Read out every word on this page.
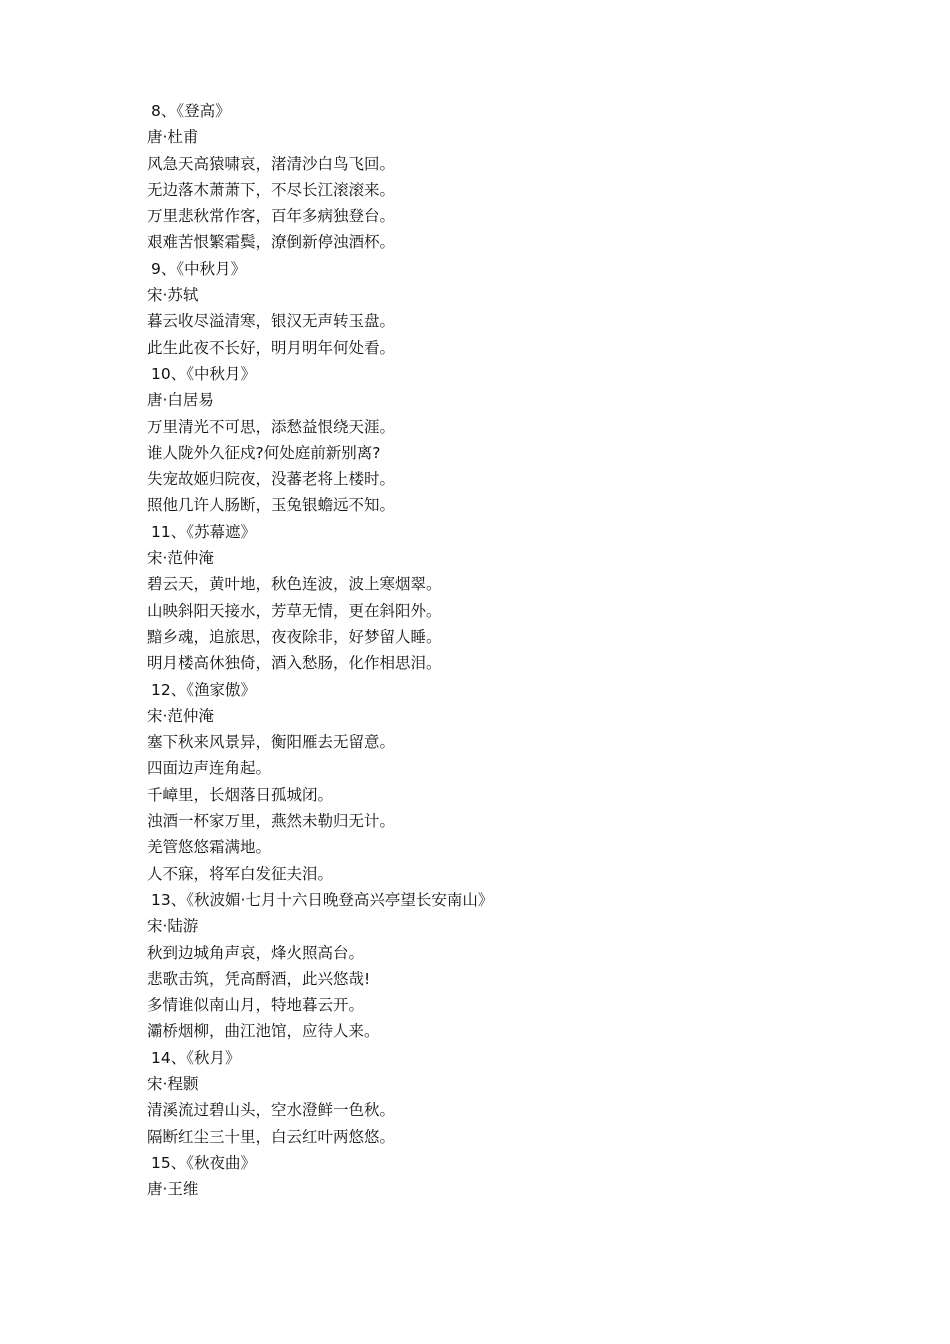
8、《登高》
唐·杜甫
风急天高猿啸哀，渚清沙白鸟飞回。
无边落木萧萧下，不尽长江滚滚来。
万里悲秋常作客，百年多病独登台。
艰难苦恨繁霜鬓，潦倒新停浊酒杯。
9、《中秋月》
宋·苏轼
暮云收尽溢清寒，银汉无声转玉盘。
此生此夜不长好，明月明年何处看。
10、《中秋月》
唐·白居易
万里清光不可思，添愁益恨绕天涯。
谁人陇外久征戍?何处庭前新别离?
失宠故姬归院夜，没蕃老将上楼时。
照他几许人肠断，玉兔银蟾远不知。
11、《苏幕遮》
宋·范仲淹
碧云天，黄叶地，秋色连波，波上寒烟翠。
山映斜阳天接水，芳草无情，更在斜阳外。
黯乡魂，追旅思，夜夜除非，好梦留人睡。
明月楼高休独倚，酒入愁肠，化作相思泪。
12、《渔家傲》
宋·范仲淹
塞下秋来风景异，衡阳雁去无留意。
四面边声连角起。
千嶂里，长烟落日孤城闭。
浊酒一杯家万里，燕然未勒归无计。
羌管悠悠霜满地。
人不寐，将军白发征夫泪。
13、《秋波媚·七月十六日晚登高兴亭望长安南山》
宋·陆游
秋到边城角声哀，烽火照高台。
悲歌击筑，凭高酹酒，此兴悠哉!
多情谁似南山月，特地暮云开。
灞桥烟柳，曲江池馆，应待人来。
14、《秋月》
宋·程颢
清溪流过碧山头，空水澄鲜一色秋。
隔断红尘三十里，白云红叶两悠悠。
15、《秋夜曲》
唐·王维
